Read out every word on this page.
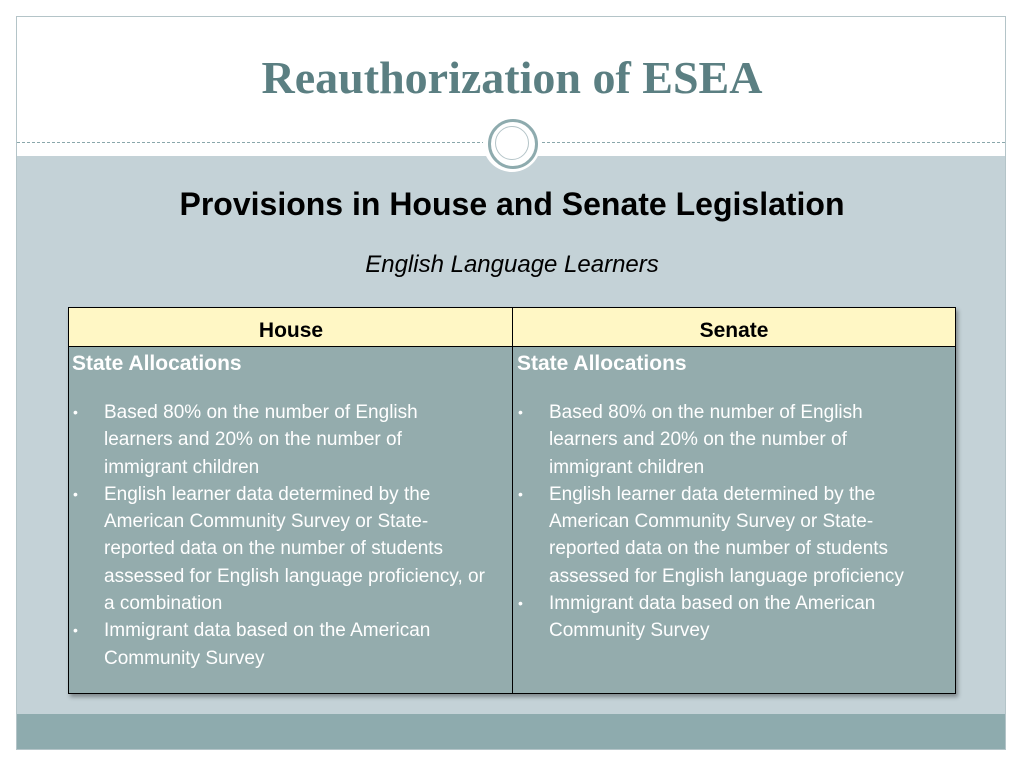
Reauthorization of ESEA
Provisions in House and Senate Legislation
English Language Learners
House	Senate
State Allocations
• Based 80% on the number of English learners and 20% on the number of immigrant children
• English learner data determined by the American Community Survey or State-reported data on the number of students assessed for English language proficiency, or a combination
• Immigrant data based on the American Community Survey
State Allocations
• Based 80% on the number of English learners and 20% on the number of immigrant children
• English learner data determined by the American Community Survey or State-reported data on the number of students assessed for English language proficiency
• Immigrant data based on the American Community Survey
